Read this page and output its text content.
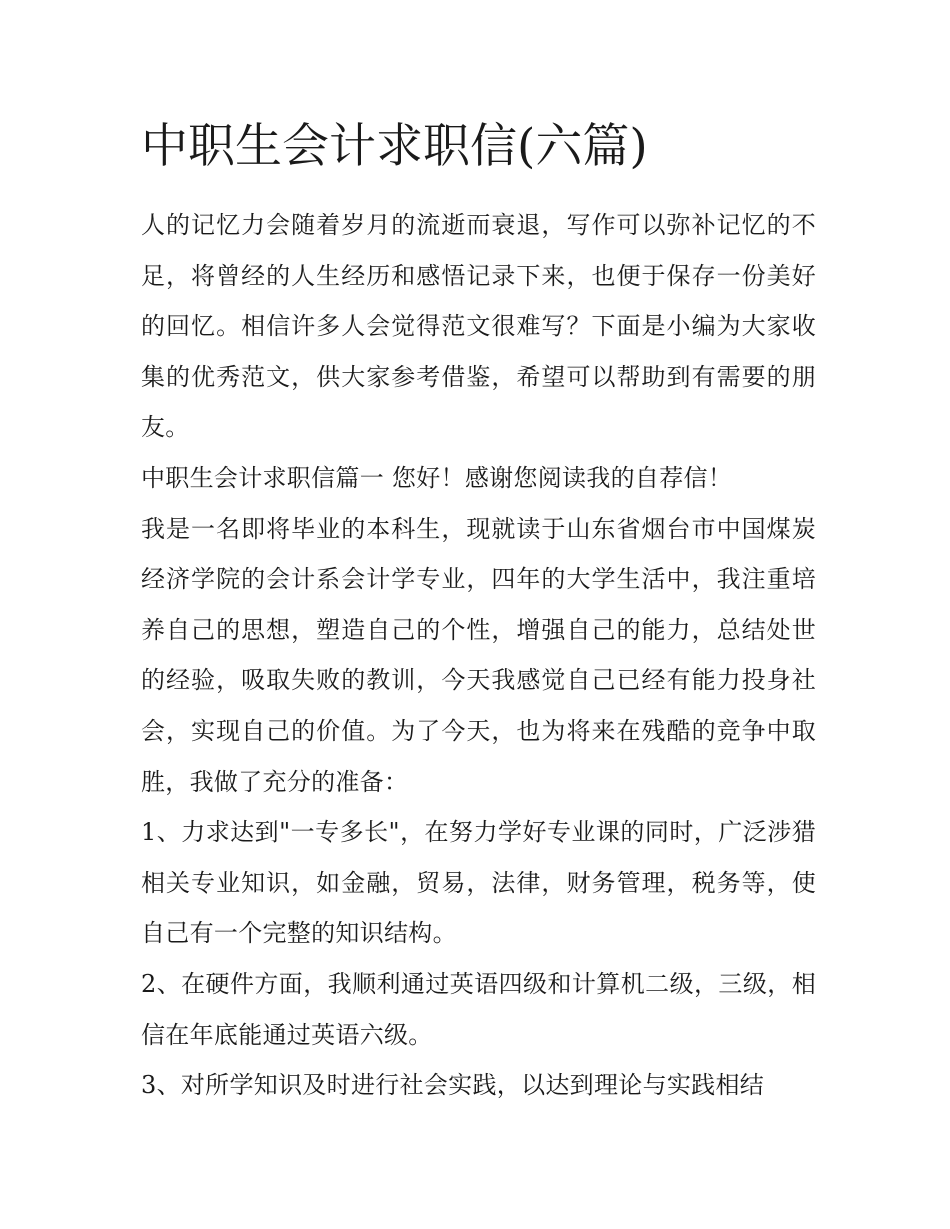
中职生会计求职信(六篇)

人的记忆力会随着岁月的流逝而衰退，写作可以弥补记忆的不足，将曾经的人生经历和感悟记录下来，也便于保存一份美好的回忆。相信许多人会觉得范文很难写？下面是小编为大家收集的优秀范文，供大家参考借鉴，希望可以帮助到有需要的朋友。

中职生会计求职信篇一 您好！感谢您阅读我的自荐信！

我是一名即将毕业的本科生，现就读于山东省烟台市中国煤炭经济学院的会计系会计学专业，四年的大学生活中，我注重培养自己的思想，塑造自己的个性，增强自己的能力，总结处世的经验，吸取失败的教训，今天我感觉自己已经有能力投身社会，实现自己的价值。为了今天，也为将来在残酷的竞争中取胜，我做了充分的准备：

1、力求达到"一专多长"，在努力学好专业课的同时，广泛涉猎相关专业知识，如金融，贸易，法律，财务管理，税务等，使自己有一个完整的知识结构。

2、在硬件方面，我顺利通过英语四级和计算机二级，三级，相信在年底能通过英语六级。

3、对所学知识及时进行社会实践，以达到理论与实践相结
